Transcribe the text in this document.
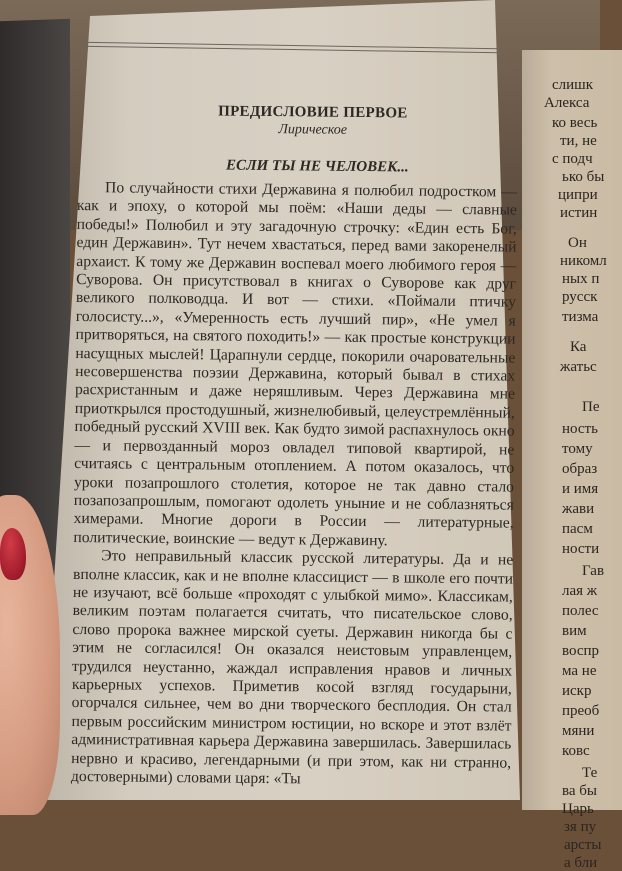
слишк
Алекса
ко весь
ти, не
с подч
ько бы
ципри
истин
Он
никомл
ных п
русск
тизма
Ка
жатьс
Пе
ность
тому
образ
и имя
жави
пасм
ности
Гав
лая ж
полес
вим
воспр
ма не
искр
преоб
мяни
ковс
Те
ва бы
Царь
зя пу
арсты
а бли
ПРЕДИСЛОВИЕ ПЕРВОЕ
Лирическое
ЕСЛИ ТЫ НЕ ЧЕЛОВЕК...

По случайности стихи Державина я полюбил подростком — как и эпоху, о которой мы поём: «Наши деды — славные победы!» Полюбил и эту загадочную строчку: «Един есть Бог, един Державин». Тут нечем хвастаться, перед вами закоренелый архаист. К тому же Державин воспевал моего любимого героя — Суворова. Он присутствовал в книгах о Суворове как друг великого полководца. И вот — стихи. «Поймали птичку голосисту...», «Умеренность есть лучший пир», «Не умел я притворяться, на святого походить!» — как простые конструкции насущных мыслей! Царапнули сердце, покорили очаровательные несовершенства поэзии Державина, который бывал в стихах расхристанным и даже неряшливым. Через Державина мне приоткрылся простодушный, жизнелюбивый, целеустремлённый, победный русский XVIII век. Как будто зимой распахнулось окно — и первозданный мороз овладел типовой квартирой, не считаясь с центральным отоплением. А потом оказалось, что уроки позапрошлого столетия, которое не так давно стало позапозапрошлым, помогают одолеть уныние и не соблазняться химерами. Многие дороги в России — литературные, политические, воинские — ведут к Державину.

Это неправильный классик русской литературы. Да и не вполне классик, как и не вполне классицист — в школе его почти не изучают, всё больше «проходят с улыбкой мимо». Классикам, великим поэтам полагается считать, что писательское слово, слово пророка важнее мирской суеты. Державин никогда бы с этим не согласился! Он оказался неистовым управленцем, трудился неустанно, жаждал исправления нравов и личных карьерных успехов. Приметив косой взгляд государыни, огорчался сильнее, чем во дни творческого бесплодия. Он стал первым российским министром юстиции, но вскоре и этот взлёт административная карьера Державина завершилась. Завершилась нервно и красиво, легендарными (и при этом, как ни странно, достоверными) словами царя: «Ты
